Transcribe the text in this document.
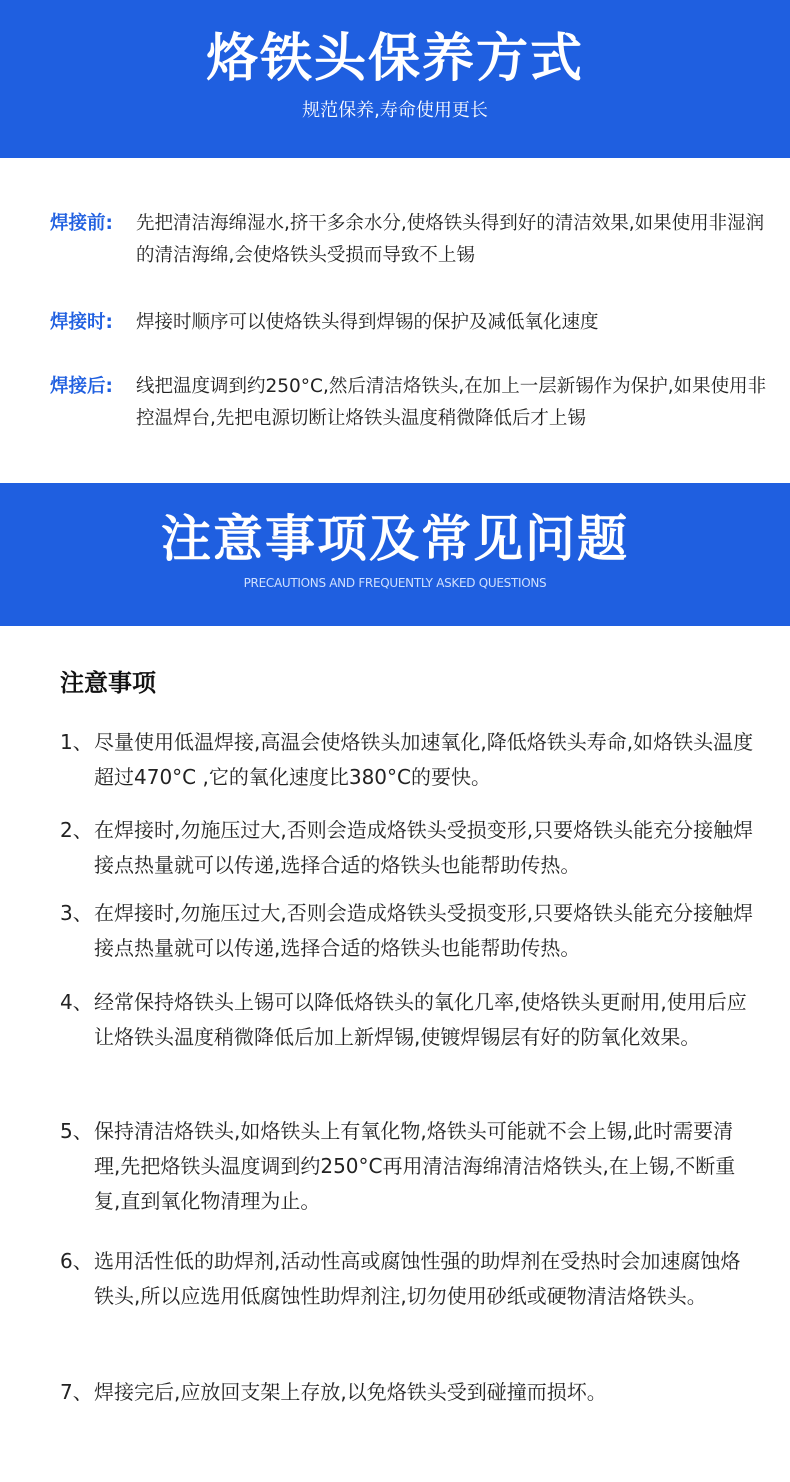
烙铁头保养方式
规范保养,寿命使用更长
焊接前:	先把清洁海绵湿水,挤干多余水分,使烙铁头得到好的清洁效果,如果使用非湿润的清洁海绵,会使烙铁头受损而导致不上锡
焊接时:	焊接时顺序可以使烙铁头得到焊锡的保护及减低氧化速度
焊接后:	线把温度调到约250°C,然后清洁烙铁头,在加上一层新锡作为保护,如果使用非控温焊台,先把电源切断让烙铁头温度稍微降低后才上锡
注意事项及常见问题
PRECAUTIONS AND FREQUENTLY ASKED QUESTIONS
注意事项
1、 尽量使用低温焊接,高温会使烙铁头加速氧化,降低烙铁头寿命,如烙铁头温度超过470°C ,它的氧化速度比380°C的要快。
2、 在焊接时,勿施压过大,否则会造成烙铁头受损变形,只要烙铁头能充分接触焊接点热量就可以传递,选择合适的烙铁头也能帮助传热。
3、 在焊接时,勿施压过大,否则会造成烙铁头受损变形,只要烙铁头能充分接触焊接点热量就可以传递,选择合适的烙铁头也能帮助传热。
4、 经常保持烙铁头上锡可以降低烙铁头的氧化几率,使烙铁头更耐用,使用后应让烙铁头温度稍微降低后加上新焊锡,使镀焊锡层有好的防氧化效果。
5、 保持清洁烙铁头,如烙铁头上有氧化物,烙铁头可能就不会上锡,此时需要清理,先把烙铁头温度调到约250°C再用清洁海绵清洁烙铁头,在上锡,不断重复,直到氧化物清理为止。
6、 选用活性低的助焊剂,活动性高或腐蚀性强的助焊剂在受热时会加速腐蚀烙铁头,所以应选用低腐蚀性助焊剂注,切勿使用砂纸或硬物清洁烙铁头。
7、 焊接完后,应放回支架上存放,以免烙铁头受到碰撞而损坏。
